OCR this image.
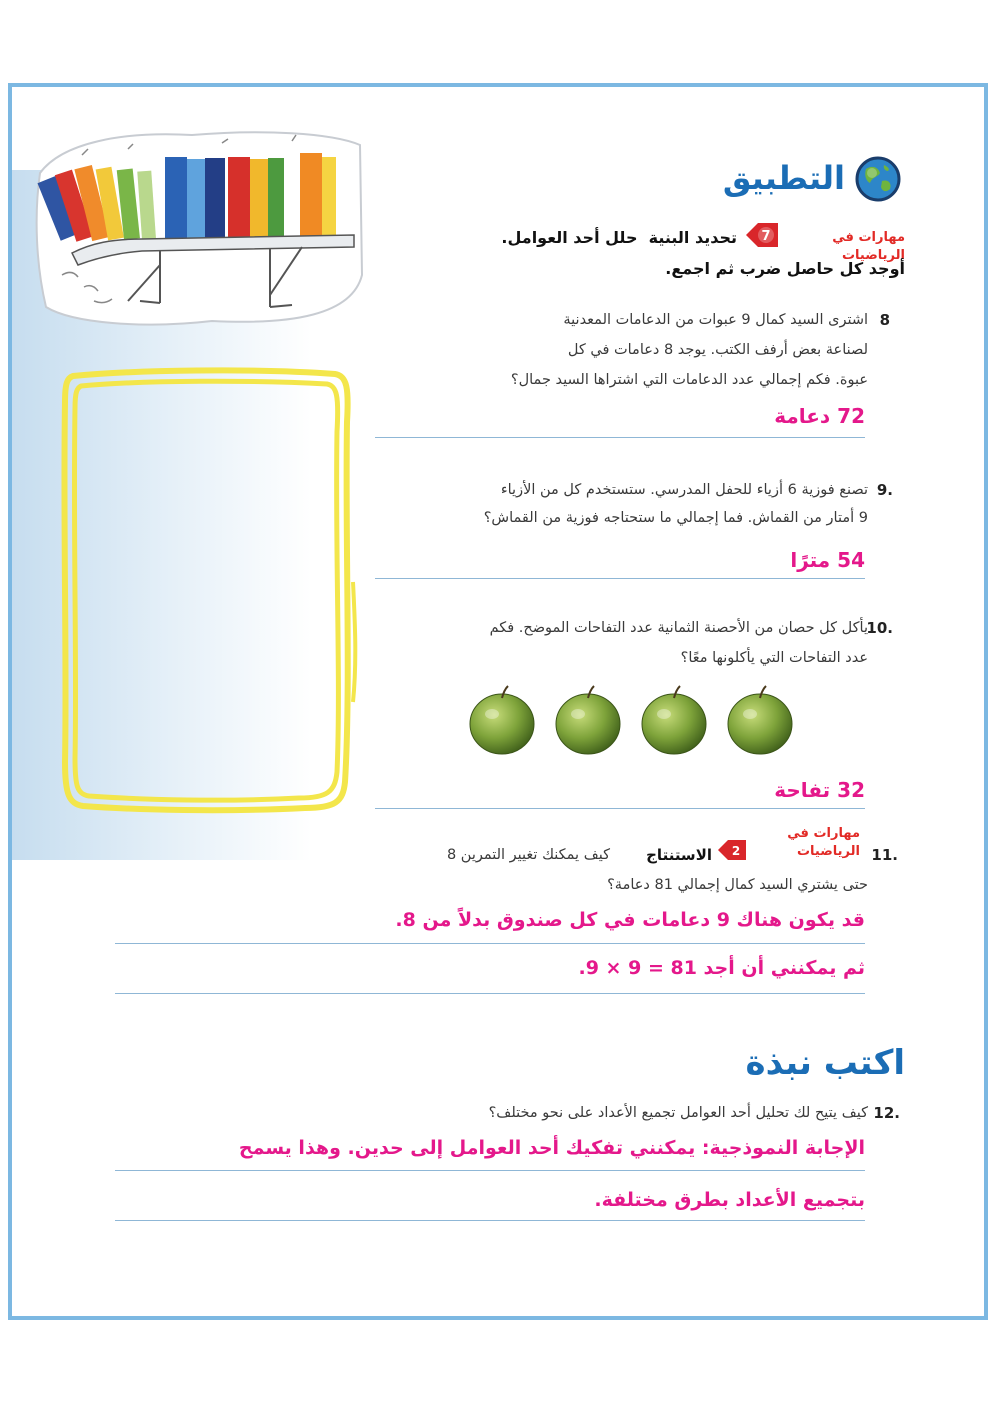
التطبيق
مهارات في
الرياضيات
7
تحديد البنية  حلل أحد العوامل.
أوجد كل حاصل ضرب ثم اجمع.
8
اشترى السيد كمال 9 عبوات من الدعامات المعدنية
لصناعة بعض أرفف الكتب. يوجد 8 دعامات في كل
عبوة. فكم إجمالي عدد الدعامات التي اشتراها السيد جمال؟
72 دعامة
9.
تصنع فوزية 6 أزياء للحفل المدرسي. ستستخدم كل من الأزياء
9 أمتار من القماش. فما إجمالي ما ستحتاجه فوزية من القماش؟
54 مترًا
10.
يأكل كل حصان من الأحصنة الثمانية عدد التفاحات الموضح. فكم
عدد التفاحات التي يأكلونها معًا؟
32 تفاحة
11.
مهارات في
الرياضيات
2
الاستنتاج
كيف يمكنك تغيير التمرين 8
حتى يشتري السيد كمال إجمالي 81 دعامة؟
قد يكون هناك 9 دعامات في كل صندوق بدلاً من 8.
ثم يمكنني أن أجد 81 = 9 × 9.
اكتب نبذة
12.
كيف يتيح لك تحليل أحد العوامل تجميع الأعداد على نحو مختلف؟
الإجابة النموذجية: يمكنني تفكيك أحد العوامل إلى حدين. وهذا يسمح
بتجميع الأعداد بطرق مختلفة.
